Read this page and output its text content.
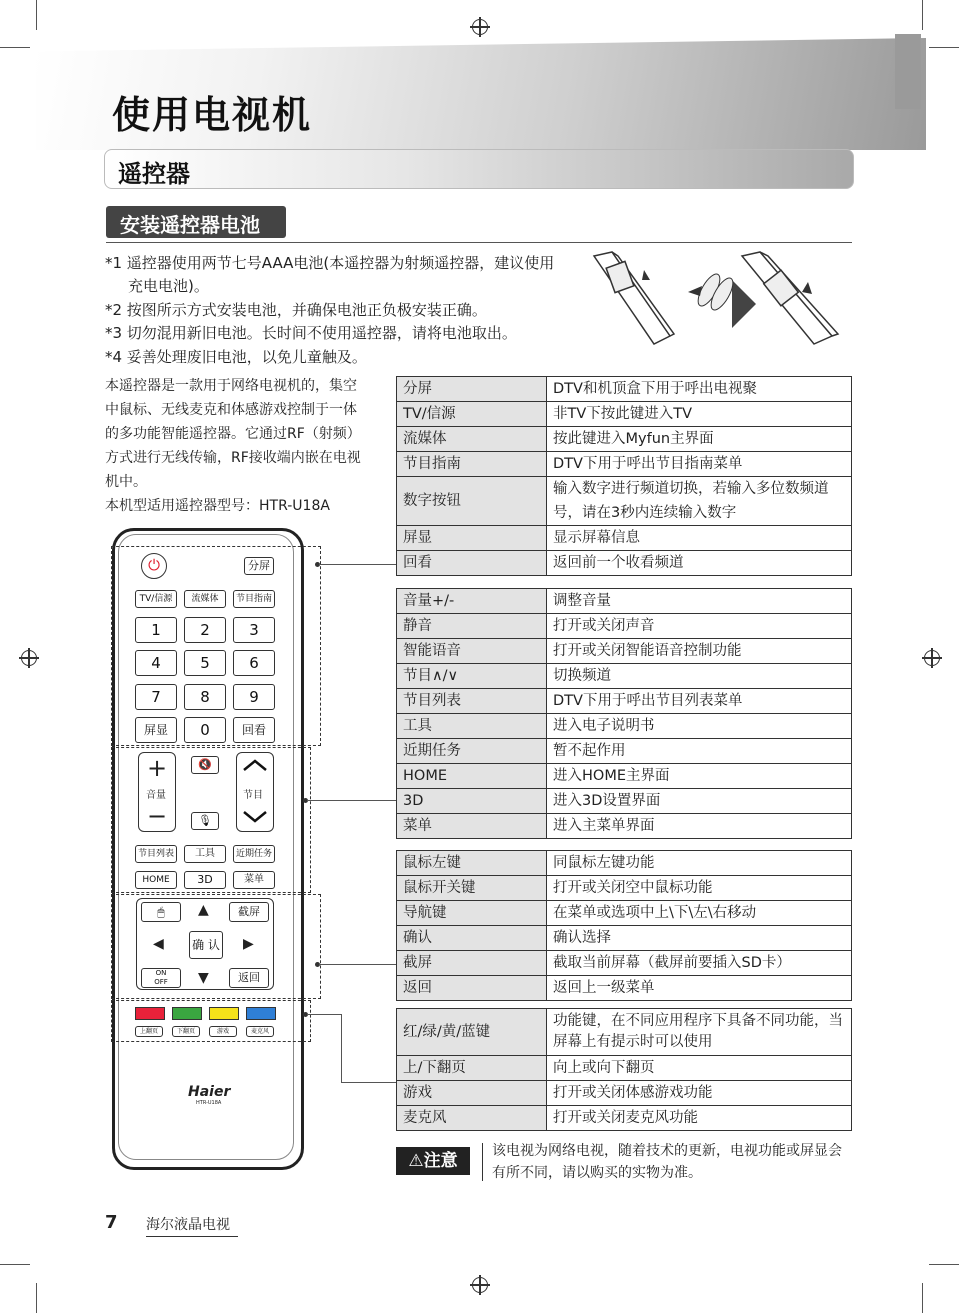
使用电视机
遥控器
安装遥控器电池
*1 遥控器使用两节七号AAA电池(本遥控器为射频遥控器，建议使用
充电电池)。
*2 按图所示方式安装电池，并确保电池正负极安装正确。
*3 切勿混用新旧电池。长时间不使用遥控器，请将电池取出。
*4 妥善处理废旧电池，以免儿童触及。
本遥控器是一款用于网络电视机的，集空
中鼠标、无线麦克和体感游戏控制于一体
的多功能智能遥控器。它通过RF（射频）
方式进行无线传输，RF接收端内嵌在电视
机中。
本机型适用遥控器型号：HTR-U18A
⏻	分屏
TV/信源	流媒体	节目指南
1	2	3
4	5	6
7	8	9
屏显	0	回看
+
音量
−
节目
🔇
🎙
节目列表	工具	近期任务
HOME	3D	菜单
🖱	▲	截屏
◀ 确 认 ▶
ON
OFF	▼	返回
上翻页	下翻页	游戏	麦克风
Haier
HTR-U18A
分屏	DTV和机顶盒下用于呼出电视聚
TV/信源	非TV下按此键进入TV
流媒体	按此键进入Myfun主界面
节目指南	DTV下用于呼出节目指南菜单
数字按钮	输入数字进行频道切换，若输入多位数频道号，请在3秒内连续输入数字
屏显	显示屏幕信息
回看	返回前一个收看频道
音量+/-	调整音量
静音	打开或关闭声音
智能语音	打开或关闭智能语音控制功能
节目∧/∨	切换频道
节目列表	DTV下用于呼出节目列表菜单
工具	进入电子说明书
近期任务	暂不起作用
HOME	进入HOME主界面
3D	进入3D设置界面
菜单	进入主菜单界面
鼠标左键	同鼠标左键功能
鼠标开关键	打开或关闭空中鼠标功能
导航键	在菜单或选项中上\下\左\右移动
确认	确认选择
截屏	截取当前屏幕（截屏前要插入SD卡）
返回	返回上一级菜单
红/绿/黄/蓝键	功能键，在不同应用程序下具备不同功能，当屏幕上有提示时可以使用
上/下翻页	向上或向下翻页
游戏	打开或关闭体感游戏功能
麦克风	打开或关闭麦克风功能
⚠注意	该电视为网络电视，随着技术的更新，电视功能或屏显会有所不同，请以购买的实物为准。
7 海尔液晶电视
